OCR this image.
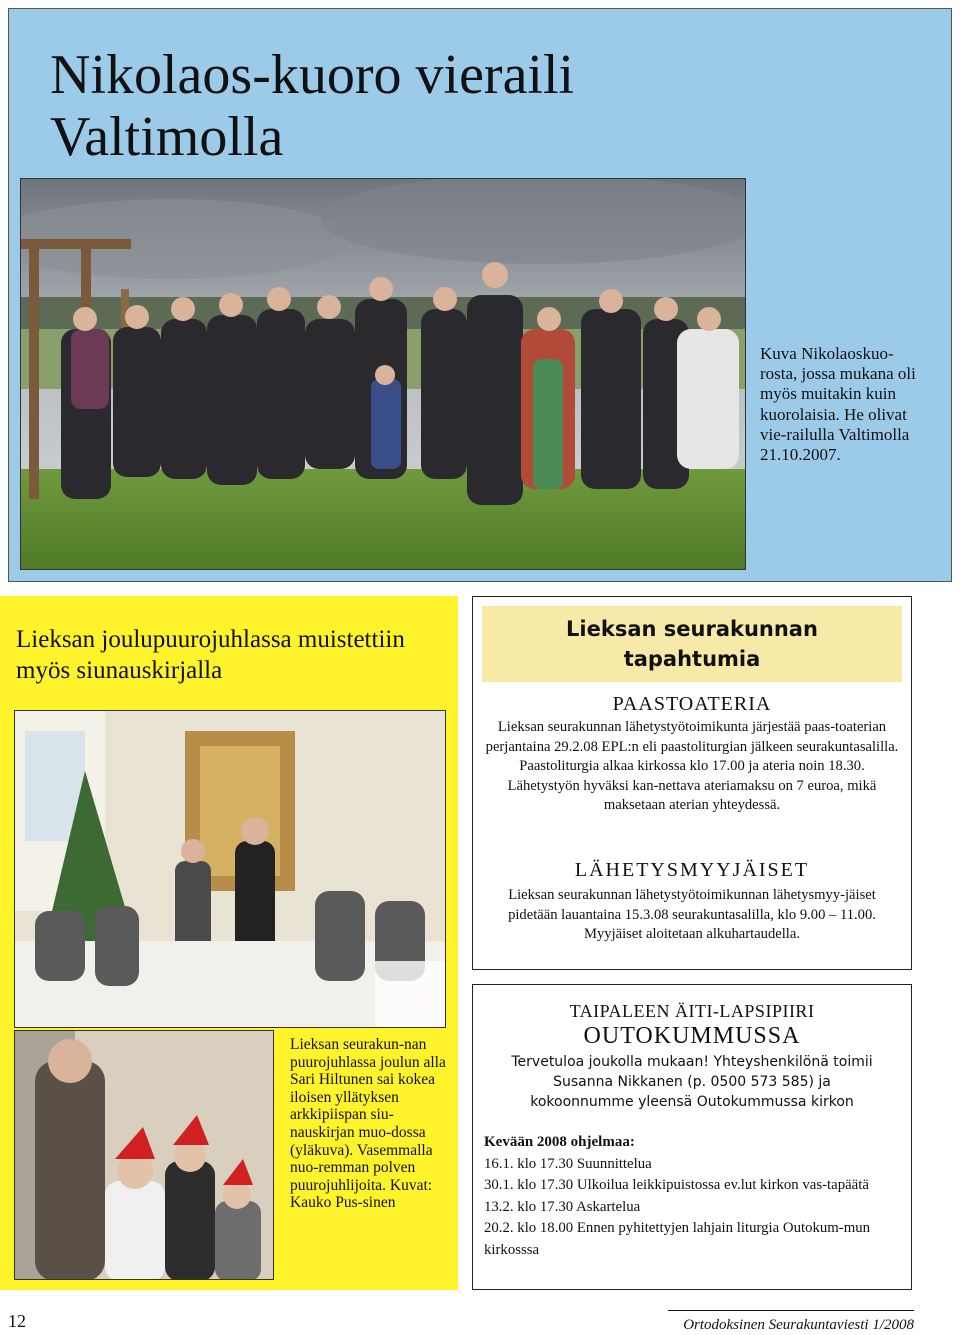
Nikolaos-kuoro vieraili Valtimolla
Kuva Nikolaoskuo-rosta, jossa mukana oli myös muitakin kuin kuorolaisia. He olivat vie-railulla Valtimolla 21.10.2007.
Lieksan joulupuurojuhlassa muistettiin myös siunauskirjalla
Lieksan seurakun-nan puurojuhlassa joulun alla Sari Hiltunen sai kokea iloisen yllätyksen arkkipiispan siu-nauskirjan muo-dossa (yläkuva). Vasemmalla nuo-remman polven puurojuhlijoita. Kuvat: Kauko Pus-sinen
Lieksan seurakunnan
tapahtumia
PAASTOATERIA
Lieksan seurakunnan lähetystyötoimikunta järjestää paas-toaterian perjantaina 29.2.08 EPL:n eli paastoliturgian jälkeen seurakuntasalilla. Paastoliturgia alkaa kirkossa klo 17.00 ja ateria noin 18.30. Lähetystyön hyväksi kan-nettava ateriamaksu on 7 euroa, mikä maksetaan aterian yhteydessä.
LÄHETYSMYYJÄISET
Lieksan seurakunnan lähetystyötoimikunnan lähetysmyy-jäiset pidetään lauantaina 15.3.08 seurakuntasalilla, klo 9.00 – 11.00. Myyjäiset aloitetaan alkuhartaudella.
TAIPALEEN ÄITI-LAPSIPIIRI
OUTOKUMMUSSA
Tervetuloa joukolla mukaan! Yhteyshenkilönä toimii Susanna Nikkanen (p. 0500 573 585) ja kokoonnumme yleensä Outokummussa kirkon
Kevään 2008 ohjelmaa:
16.1. klo 17.30 Suunnittelua
30.1. klo 17.30 Ulkoilua leikkipuistossa ev.lut kirkon vas-tapäätä
13.2. klo 17.30 Askartelua
20.2. klo 18.00 Ennen pyhitettyjen lahjain liturgia Outokum-mun kirkosssa
12	Ortodoksinen Seurakuntaviesti 1/2008
